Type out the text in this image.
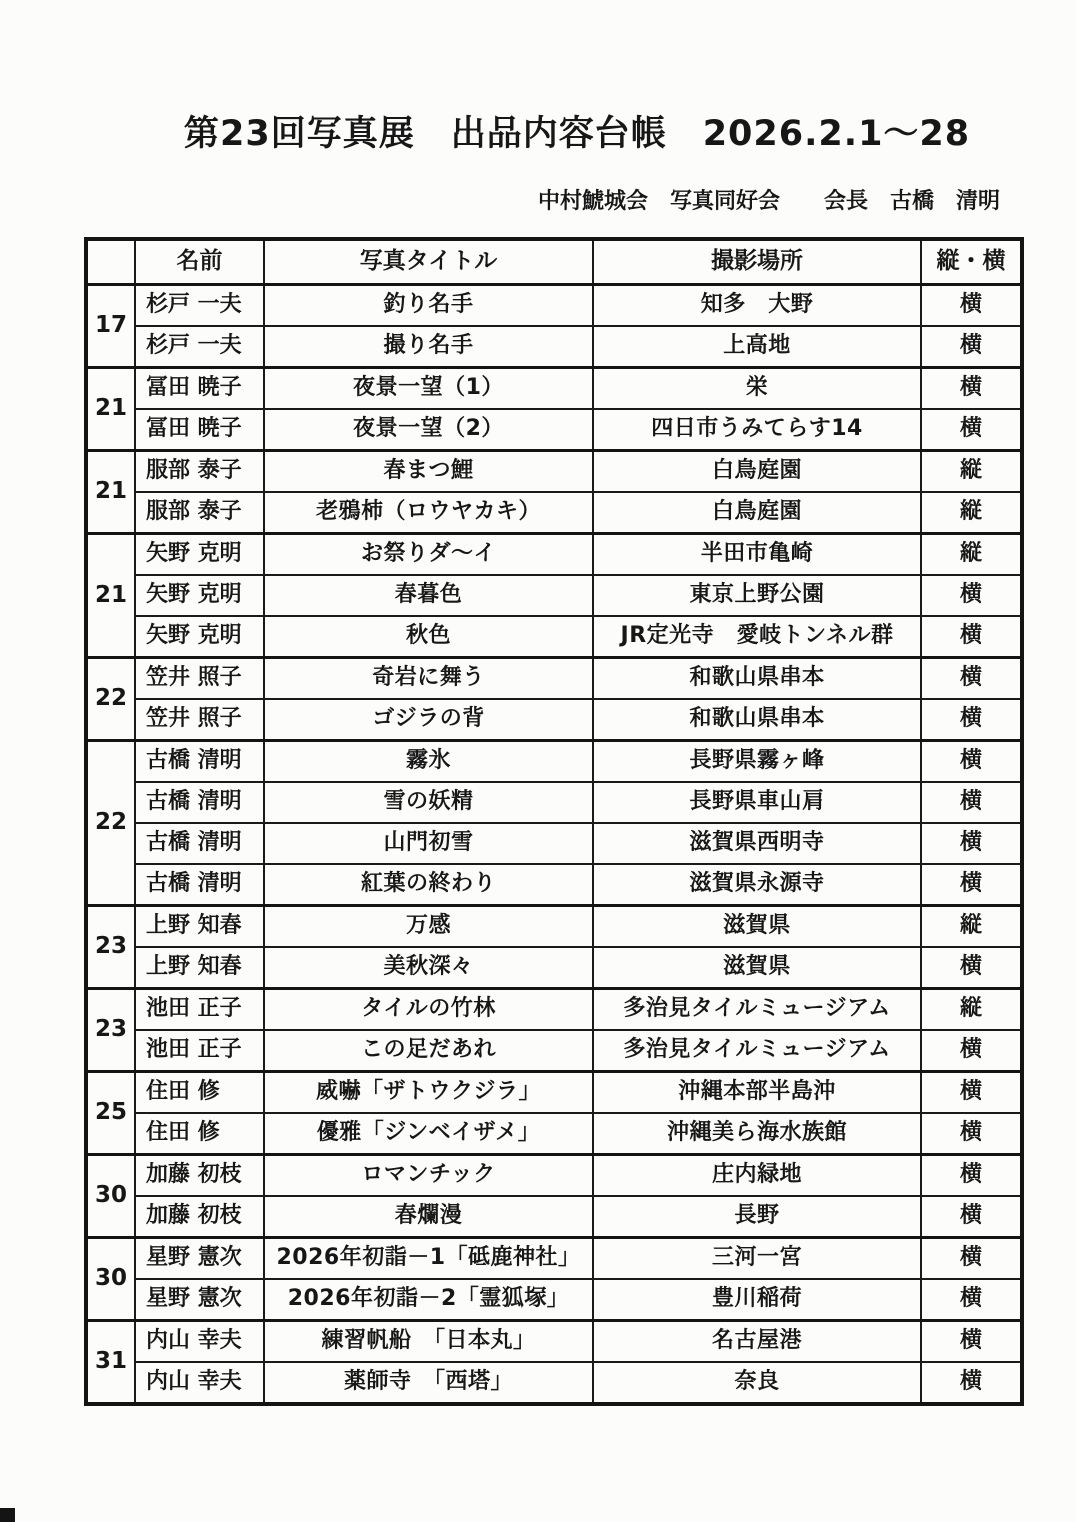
第23回写真展　出品内容台帳　2026.2.1～28
中村鯱城会　写真同好会　　会長　古橋　清明
	名前	写真タイトル	撮影場所	縦・横
17	杉戸 一夫	釣り名手	知多　大野	横
	杉戸 一夫	撮り名手	上高地	横
21	冨田 暁子	夜景一望（1）	栄	横
	冨田 暁子	夜景一望（2）	四日市うみてらす14	横
21	服部 泰子	春まつ鯉	白鳥庭園	縦
	服部 泰子	老鴉柿（ロウヤカキ）	白鳥庭園	縦
21	矢野 克明	お祭りダ～イ	半田市亀崎	縦
	矢野 克明	春暮色	東京上野公園	横
	矢野 克明	秋色	JR定光寺　愛岐トンネル群	横
22	笠井 照子	奇岩に舞う	和歌山県串本	横
	笠井 照子	ゴジラの背	和歌山県串本	横
22	古橋 清明	霧氷	長野県霧ヶ峰	横
	古橋 清明	雪の妖精	長野県車山肩	横
	古橋 清明	山門初雪	滋賀県西明寺	横
	古橋 清明	紅葉の終わり	滋賀県永源寺	横
23	上野 知春	万感	滋賀県	縦
	上野 知春	美秋深々	滋賀県	横
23	池田 正子	タイルの竹林	多治見タイルミュージアム	縦
	池田 正子	この足だあれ	多治見タイルミュージアム	横
25	住田 修	威嚇「ザトウクジラ」	沖縄本部半島沖	横
	住田 修	優雅「ジンベイザメ」	沖縄美ら海水族館	横
30	加藤 初枝	ロマンチック	庄内緑地	横
	加藤 初枝	春爛漫	長野	横
30	星野 憲次	2026年初詣－1「砥鹿神社」	三河一宮	横
	星野 憲次	2026年初詣－2「霊狐塚」	豊川稲荷	横
31	内山 幸夫	練習帆船　「日本丸」	名古屋港	横
	内山 幸夫	薬師寺　「西塔」	奈良	横
